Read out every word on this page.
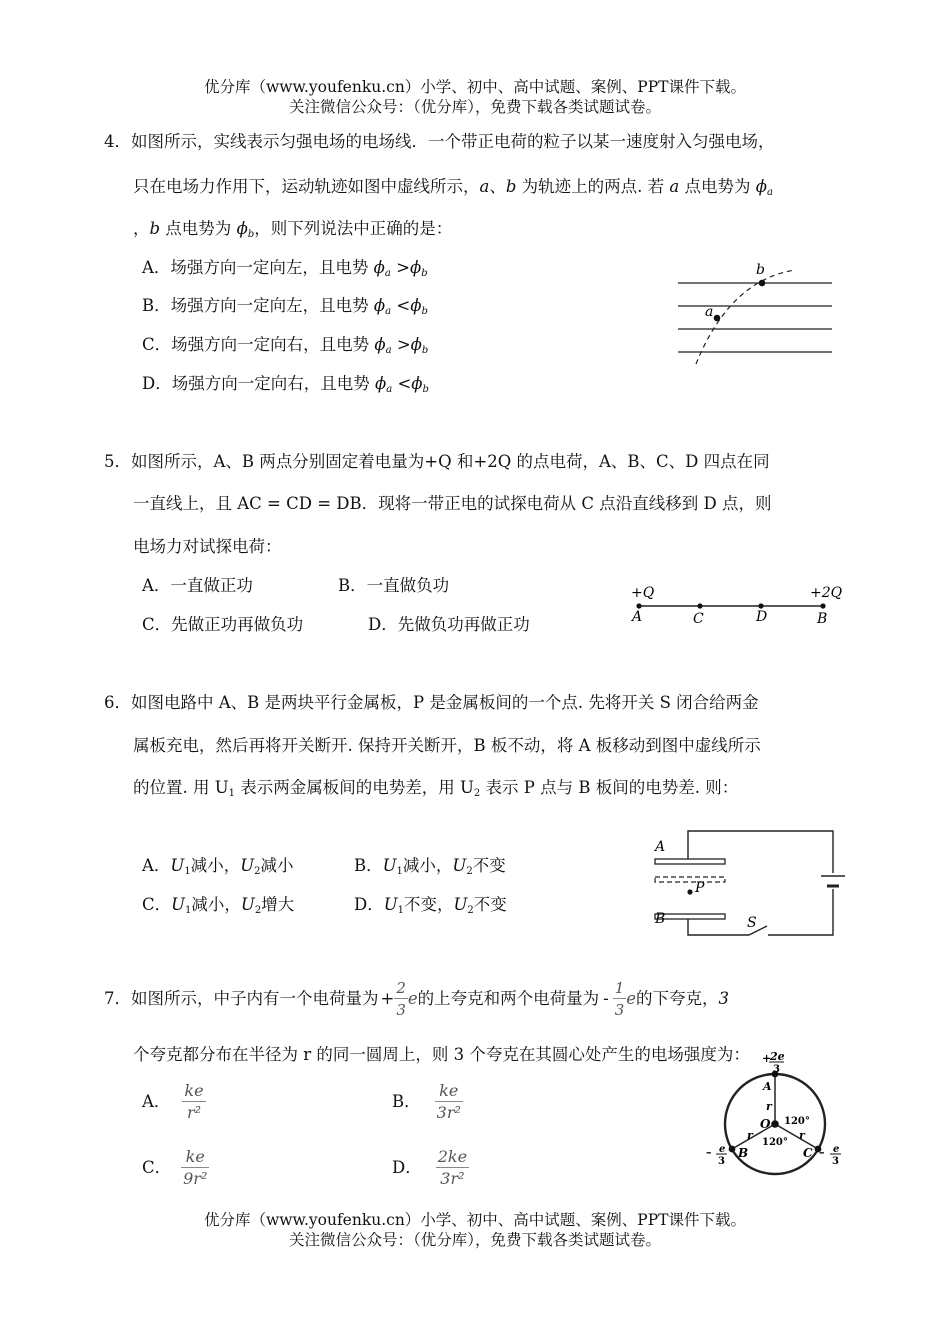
优分库（www.youfenku.cn）小学、初中、高中试题、案例、PPT课件下载。
关注微信公众号：（优分库），免费下载各类试题试卷。
4．如图所示，实线表示匀强电场的电场线．一个带正电荷的粒子以某一速度射入匀强电场，
只在电场力作用下，运动轨迹如图中虚线所示，a、b 为轨迹上的两点. 若 a 点电势为 $\phi_a$
，b 点电势为 $\phi_b$，则下列说法中正确的是：
A．场强方向一定向左，且电势 $\phi_a >\phi_b$
B．场强方向一定向左，且电势 $\phi_a <\phi_b$
C．场强方向一定向右，且电势 $\phi_a >\phi_b$
D．场强方向一定向右，且电势 $\phi_a <\phi_b$
a
b
5．如图所示，A、B 两点分别固定着电量为+Q 和+2Q 的点电荷，A、B、C、D 四点在同
一直线上，且 AC = CD = DB．现将一带正电的试探电荷从 C 点沿直线移到 D 点，则
电场力对试探电荷：
A．一直做正功	B．一直做负功
C．先做正功再做负功	D．先做负功再做正功
+Q	+2Q
A	C	D	B
6．如图电路中 A、B 是两块平行金属板，P 是金属板间的一个点. 先将开关 S 闭合给两金
属板充电，然后再将开关断开. 保持开关断开，B 板不动，将 A 板移动到图中虚线所示
的位置. 用 U1 表示两金属板间的电势差，用 U2 表示 P 点与 B 板间的电势差. 则：
A．U1减小，U2减小	B．U1减小，U2不变
C．U1减小，U2增大	D．U1不变，U2不变
P
S
A
B
7．如图所示，中子内有一个电荷量为 + $\frac{2}{3}$ e的上夸克和两个电荷量为 - $\frac{1}{3}$ e的下夸克，3
个夸克都分布在半径为 r 的同一圆周上，则 3 个夸克在其圆心处产生的电场强度为：
A． $\frac{ke}{\text{r²}}$	B． $\frac{ke}{\text{3r²}}$
C． $\frac{ke}{\text{9r²}}$	D． $\frac{2ke}{\text{3r²}}$
+
2e
3
A
r
O 120°
120°
r	r
B	C
– e
3
– e
3
优分库（www.youfenku.cn）小学、初中、高中试题、案例、PPT课件下载。
关注微信公众号：（优分库），免费下载各类试题试卷。
